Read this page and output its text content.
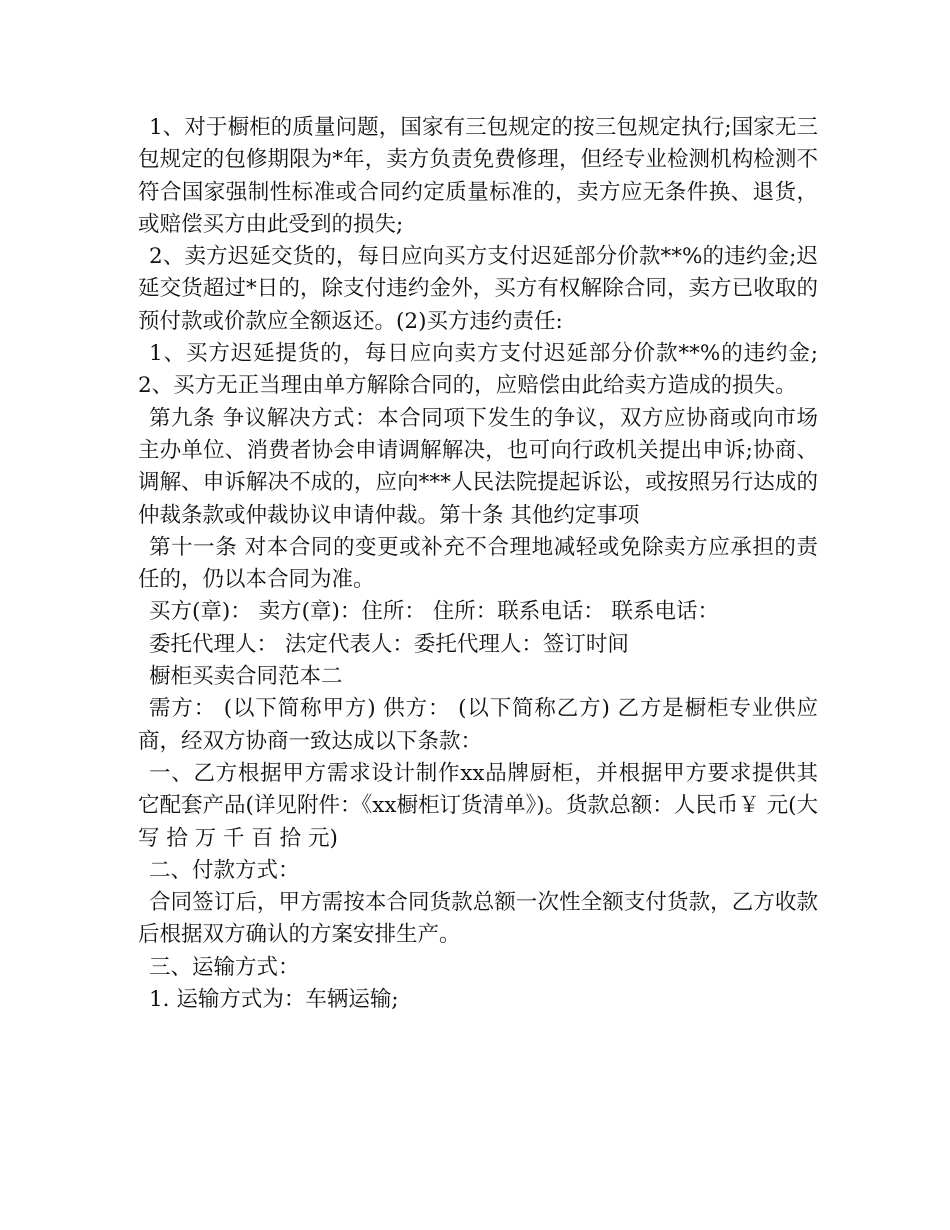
1、对于橱柜的质量问题，国家有三包规定的按三包规定执行;国家无三包规定的包修期限为*年，卖方负责免费修理，但经专业检测机构检测不符合国家强制性标准或合同约定质量标准的，卖方应无条件换、退货，或赔偿买方由此受到的损失;

2、卖方迟延交货的，每日应向买方支付迟延部分价款**%的违约金;迟延交货超过*日的，除支付违约金外，买方有权解除合同，卖方已收取的预付款或价款应全额返还。(2)买方违约责任:

1、买方迟延提货的，每日应向卖方支付迟延部分价款**%的违约金;2、买方无正当理由单方解除合同的，应赔偿由此给卖方造成的损失。

第九条 争议解决方式：本合同项下发生的争议，双方应协商或向市场主办单位、消费者协会申请调解解决，也可向行政机关提出申诉;协商、调解、申诉解决不成的，应向***人民法院提起诉讼，或按照另行达成的仲裁条款或仲裁协议申请仲裁。第十条 其他约定事项

第十一条 对本合同的变更或补充不合理地减轻或免除卖方应承担的责任的，仍以本合同为准。

买方(章)： 卖方(章)：住所： 住所：联系电话： 联系电话：

委托代理人： 法定代表人：委托代理人：签订时间

橱柜买卖合同范本二

需方： (以下简称甲方) 供方： (以下简称乙方) 乙方是橱柜专业供应商，经双方协商一致达成以下条款：

一、乙方根据甲方需求设计制作xx品牌厨柜，并根据甲方要求提供其它配套产品(详见附件：《xx橱柜订货清单》)。货款总额：人民币￥ 元(大写 拾 万 千 百 拾 元)

二、付款方式：

合同签订后，甲方需按本合同货款总额一次性全额支付货款，乙方收款后根据双方确认的方案安排生产。

三、运输方式：

1. 运输方式为：车辆运输;
